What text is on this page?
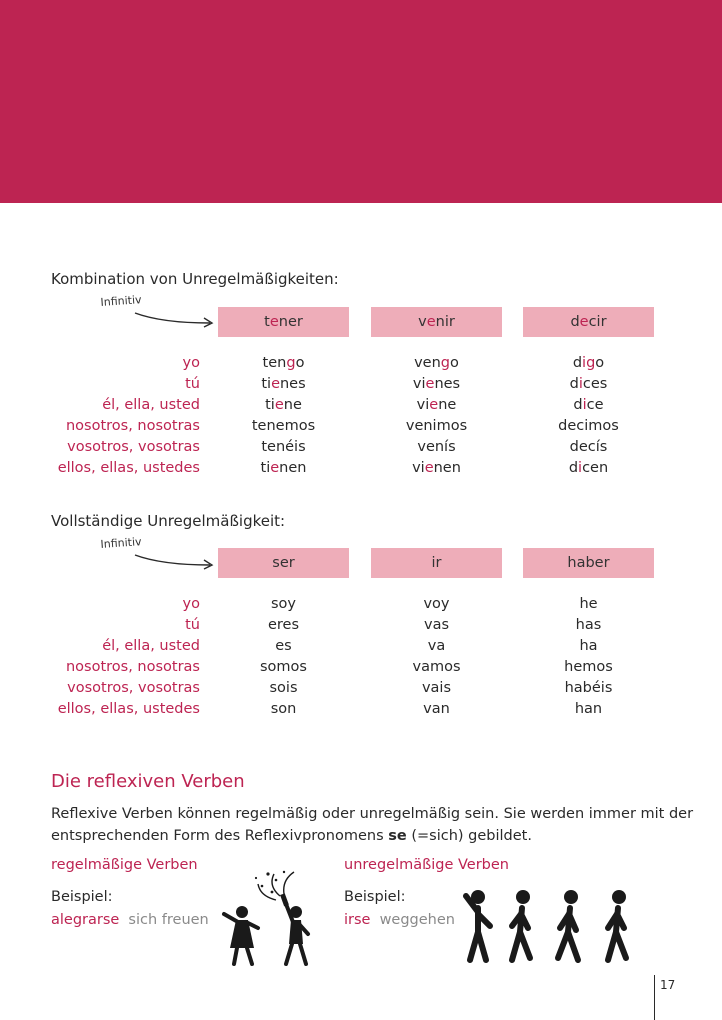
Kombination von Unregelmäßigkeiten:
Infinitiv
yo
tú
él, ella, usted
nosotros, nosotras
vosotros, vosotras
ellos, ellas, ustedes
tener
tengo
tienes
tiene
tenemos
tenéis
tienen
venir
vengo
vienes
viene
venimos
venís
vienen
decir
digo
dices
dice
decimos
decís
dicen
Vollständige Unregelmäßigkeit:
Infinitiv
yo
tú
él, ella, usted
nosotros, nosotras
vosotros, vosotras
ellos, ellas, ustedes
ser
soy
eres
es
somos
sois
son
ir
voy
vas
va
vamos
vais
van
haber
he
has
ha
hemos
habéis
han
Die reflexiven Verben
Reflexive Verben können regelmäßig oder unregelmäßig sein. Sie werden immer mit der
entsprechenden Form des Reflexivpronomens se (=sich) gebildet.
regelmäßige Verben
Beispiel:
alegrarse sich freuen
unregelmäßige Verben
Beispiel:
irse weggehen
17
